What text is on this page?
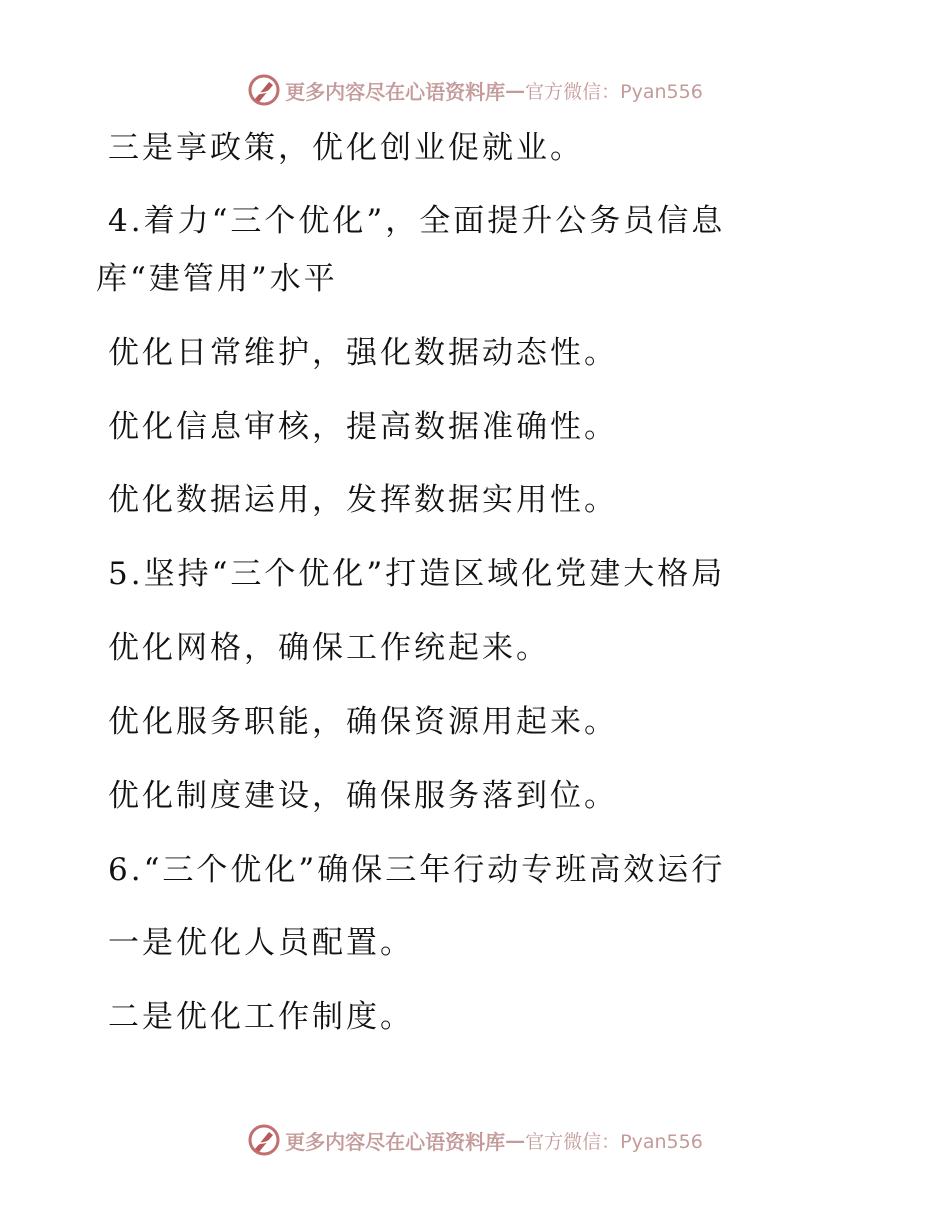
更多内容尽在心语资料库 — 官方微信：Pyan556
三是享政策，优化创业促就业。
4.着力“三个优化”，全面提升公务员信息
库“建管用”水平
优化日常维护，强化数据动态性。
优化信息审核，提高数据准确性。
优化数据运用，发挥数据实用性。
5.坚持“三个优化”打造区域化党建大格局
优化网格，确保工作统起来。
优化服务职能，确保资源用起来。
优化制度建设，确保服务落到位。
6.“三个优化”确保三年行动专班高效运行
一是优化人员配置。
二是优化工作制度。
更多内容尽在心语资料库 — 官方微信：Pyan556
